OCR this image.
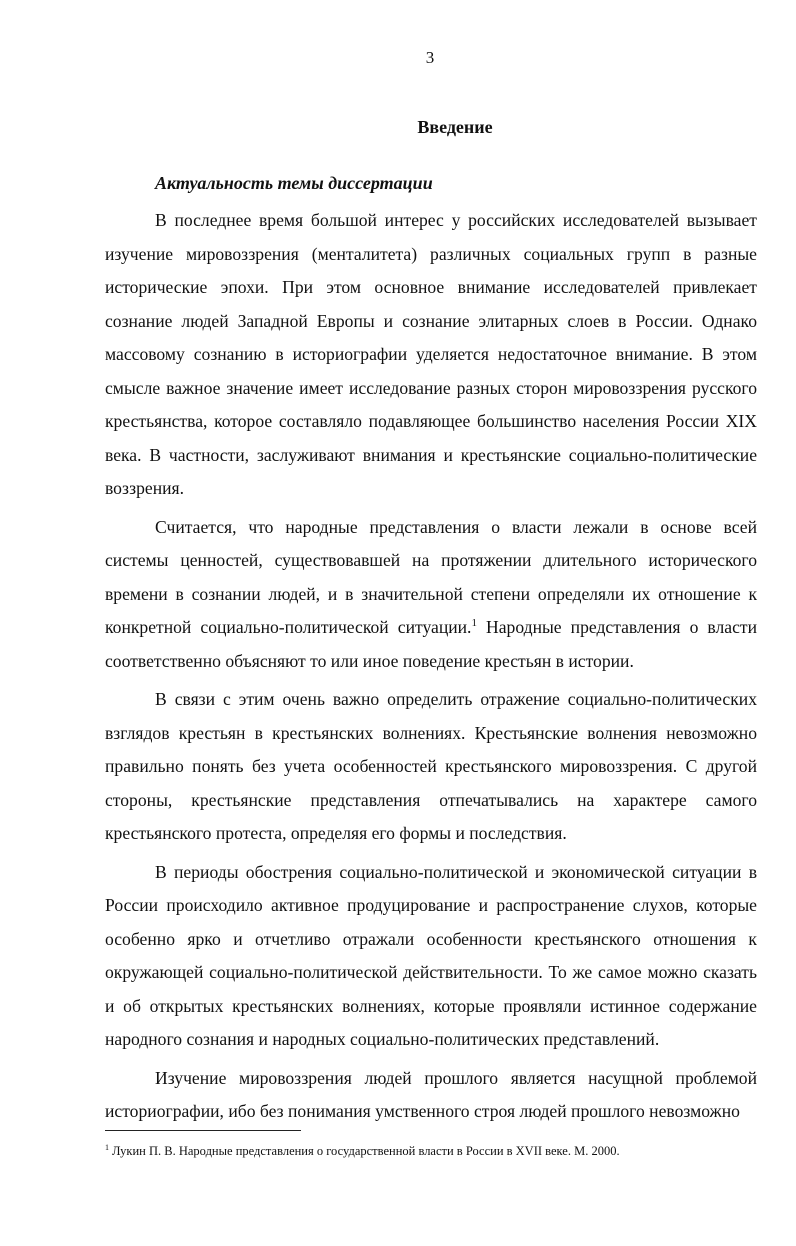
3
Введение
Актуальность темы диссертации

В последнее время большой интерес у российских исследователей вызывает изучение мировоззрения (менталитета) различных социальных групп в разные исторические эпохи. При этом основное внимание исследователей привлекает сознание людей Западной Европы и сознание элитарных слоев в России. Однако массовому сознанию в историографии уделяется недостаточное внимание. В этом смысле важное значение имеет исследование разных сторон мировоззрения русского крестьянства, которое составляло подавляющее большинство населения России XIX века. В частности, заслуживают внимания и крестьянские социально-политические воззрения.

Считается, что народные представления о власти лежали в основе всей системы ценностей, существовавшей на протяжении длительного исторического времени в сознании людей, и в значительной степени определяли их отношение к конкретной социально-политической ситуации.$^1$ Народные представления о власти соответственно объясняют то или иное поведение крестьян в истории.

В связи с этим очень важно определить отражение социально-политических взглядов крестьян в крестьянских волнениях. Крестьянские волнения невозможно правильно понять без учета особенностей крестьянского мировоззрения. С другой стороны, крестьянские представления отпечатывались на характере самого крестьянского протеста, определяя его формы и последствия.

В периоды обострения социально-политической и экономической ситуации в России происходило активное продуцирование и распространение слухов, которые особенно ярко и отчетливо отражали особенности крестьянского отношения к окружающей социально-политической действительности. То же самое можно сказать и об открытых крестьянских волнениях, которые проявляли истинное содержание народного сознания и народных социально-политических представлений.

Изучение мировоззрения людей прошлого является насущной проблемой историографии, ибо без понимания умственного строя людей прошлого невозможно

$^1$ Лукин П. В. Народные представления о государственной власти в России в XVII веке. М. 2000.
